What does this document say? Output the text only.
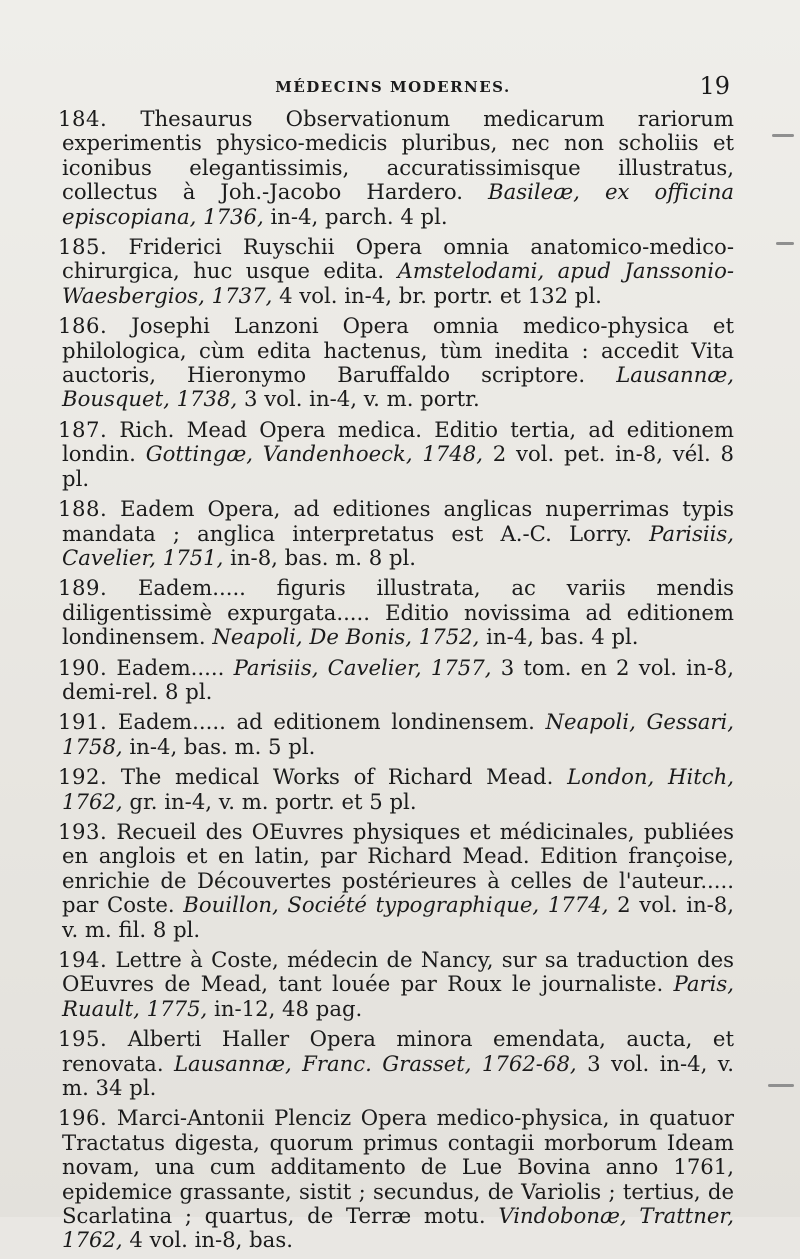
MÉDECINS MODERNES.	19

184. Thesaurus Observationum medicarum rariorum experimentis physico-medicis pluribus, nec non scholiis et iconibus elegantissimis, accuratissimisque illustratus, collectus à Joh.-Jacobo Hardero. Basileæ, ex officina episcopiana, 1736, in-4, parch. 4 pl.

185. Friderici Ruyschii Opera omnia anatomico-medico-chirurgica, huc usque edita. Amstelodami, apud Janssonio-Waesbergios, 1737, 4 vol. in-4, br. portr. et 132 pl.

186. Josephi Lanzoni Opera omnia medico-physica et philologica, cùm edita hactenus, tùm inedita : accedit Vita auctoris, Hieronymo Baruffaldo scriptore. Lausannæ, Bousquet, 1738, 3 vol. in-4, v. m. portr.

187. Rich. Mead Opera medica. Editio tertia, ad editionem londin. Gottingæ, Vandenhoeck, 1748, 2 vol. pet. in-8, vél. 8 pl.

188. Eadem Opera, ad editiones anglicas nuperrimas typis mandata ; anglica interpretatus est A.-C. Lorry. Parisiis, Cavelier, 1751, in-8, bas. m. 8 pl.

189. Eadem..... figuris illustrata, ac variis mendis diligentissimè expurgata..... Editio novissima ad editionem londinensem. Neapoli, De Bonis, 1752, in-4, bas. 4 pl.

190. Eadem..... Parisiis, Cavelier, 1757, 3 tom. en 2 vol. in-8, demi-rel. 8 pl.

191. Eadem..... ad editionem londinensem. Neapoli, Gessari, 1758, in-4, bas. m. 5 pl.

192. The medical Works of Richard Mead. London, Hitch, 1762, gr. in-4, v. m. portr. et 5 pl.

193. Recueil des OEuvres physiques et médicinales, publiées en anglois et en latin, par Richard Mead. Edition françoise, enrichie de Découvertes postérieures à celles de l'auteur..... par Coste. Bouillon, Société typographique, 1774, 2 vol. in-8, v. m. fil. 8 pl.

194. Lettre à Coste, médecin de Nancy, sur sa traduction des OEuvres de Mead, tant louée par Roux le journaliste. Paris, Ruault, 1775, in-12, 48 pag.

195. Alberti Haller Opera minora emendata, aucta, et renovata. Lausannæ, Franc. Grasset, 1762-68, 3 vol. in-4, v. m. 34 pl.

196. Marci-Antonii Plenciz Opera medico-physica, in quatuor Tractatus digesta, quorum primus contagii morborum Ideam novam, una cum additamento de Lue Bovina anno 1761, epidemice grassante, sistit ; secundus, de Variolis ; tertius, de Scarlatina ; quartus, de Terræ motu. Vindobonæ, Trattner, 1762, 4 vol. in-8, bas.
